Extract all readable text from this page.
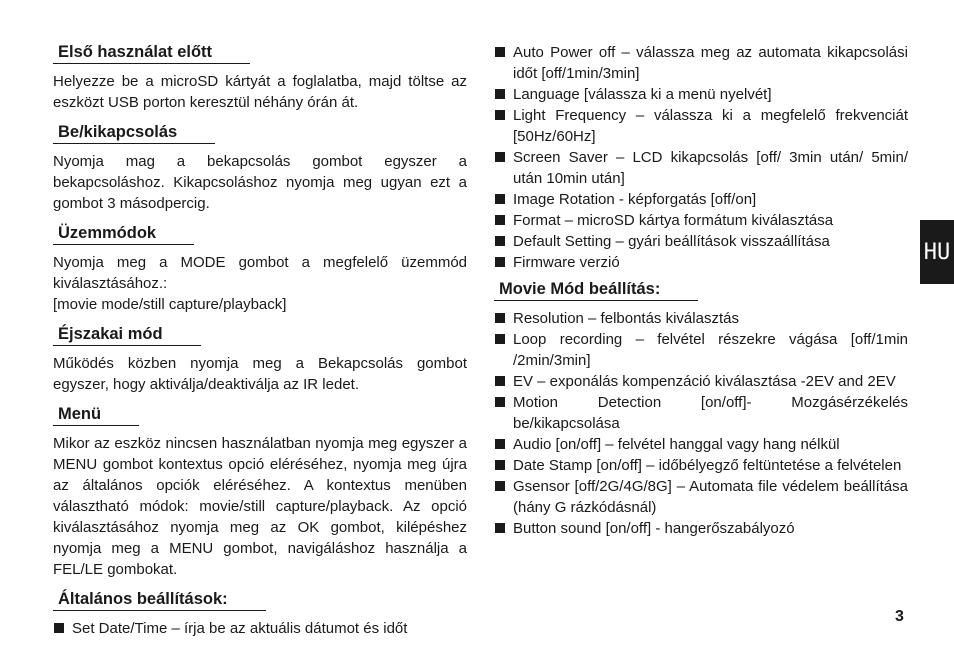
Első használat előtt

Helyezze be a microSD kártyát a foglalatba, majd töltse az eszközt USB porton keresztül néhány órán át.

Be/kikapcsolás

Nyomja mag a bekapcsolás gombot egyszer a bekapcsoláshoz. Kikapcsoláshoz nyomja meg ugyan ezt a gombot 3 másodpercig.

Üzemmódok

Nyomja meg a MODE gombot a megfelelő üzemmód kiválasztásához.:
[movie mode/still capture/playback]

Éjszakai mód

Működés közben nyomja meg a Bekapcsolás gombot egyszer, hogy aktiválja/deaktiválja az IR ledet.

Menü

Mikor az eszköz nincsen használatban nyomja meg egyszer a MENU gombot kontextus opció eléréséhez, nyomja meg újra az általános opciók eléréséhez. A kontextus menüben választható módok: movie/still capture/playback. Az opció kiválasztásához nyomja meg az OK gombot, kilépéshez nyomja meg a MENU gombot, navigáláshoz használja a FEL/LE gombokat.

Általános beállítások:
Set Date/Time – írja be az aktuális dátumot és időt
Auto Power off – válassza meg az automata kikapcsolási időt [off/1min/3min]
Language [válassza ki a menü nyelvét]
Light Frequency – válassza ki a megfelelő frekvenciát [50Hz/60Hz]
Screen Saver – LCD kikapcsolás [off/ 3min után/ 5min/ után 10min után]
Image Rotation - képforgatás [off/on]
Format – microSD kártya formátum kiválasztása
Default Setting – gyári beállítások visszaállítása
Firmware verzió
Movie Mód beállítás:
Resolution – felbontás kiválasztás
Loop recording – felvétel részekre vágása [off/1min /2min/3min]
EV – exponálás kompenzáció kiválasztása -2EV and 2EV
Motion Detection [on/off]- Mozgásérzékelés be/kikapcsolása
Audio [on/off] – felvétel hanggal vagy hang nélkül
Date Stamp [on/off] – időbélyegző feltüntetése a felvételen
Gsensor [off/2G/4G/8G] – Automata file védelem beállítása (hány G rázkódásnál)
Button sound [on/off] - hangerőszabályozó
HU
3
